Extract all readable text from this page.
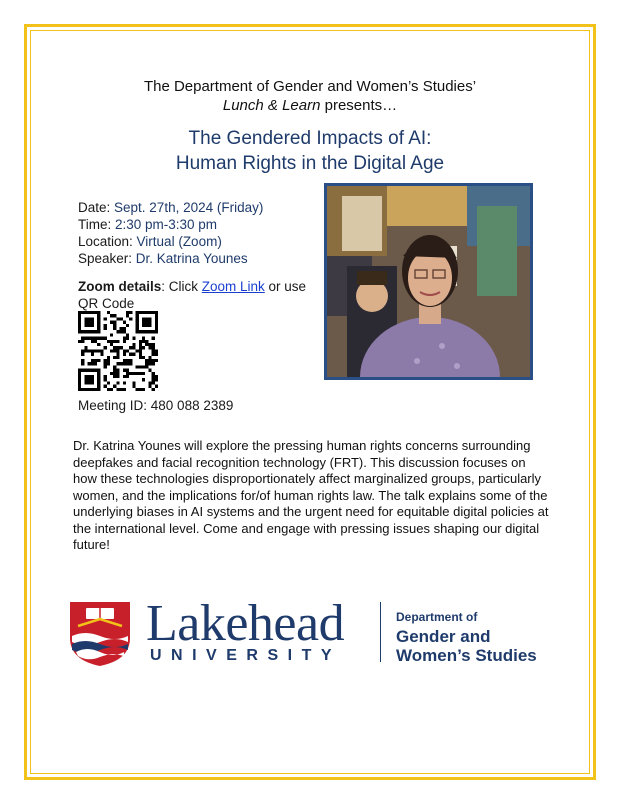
The Department of Gender and Women’s Studies’
Lunch & Learn presents…
The Gendered Impacts of AI:
Human Rights in the Digital Age
Date: Sept. 27th, 2024 (Friday)
Time: 2:30 pm-3:30 pm
Location: Virtual (Zoom)
Speaker: Dr. Katrina Younes
Zoom details: Click Zoom Link or use QR Code
Meeting ID: 480 088 2389
Dr. Katrina Younes will explore the pressing human rights concerns surrounding deepfakes and facial recognition technology (FRT). This discussion focuses on how these technologies disproportionately affect marginalized groups, particularly women, and the implications for/of human rights law. The talk explains some of the underlying biases in AI systems and the urgent need for equitable digital policies at the international level. Come and engage with pressing issues shaping our digital future!
Lakehead
UNIVERSITY
Department of
Gender and
Women’s Studies
